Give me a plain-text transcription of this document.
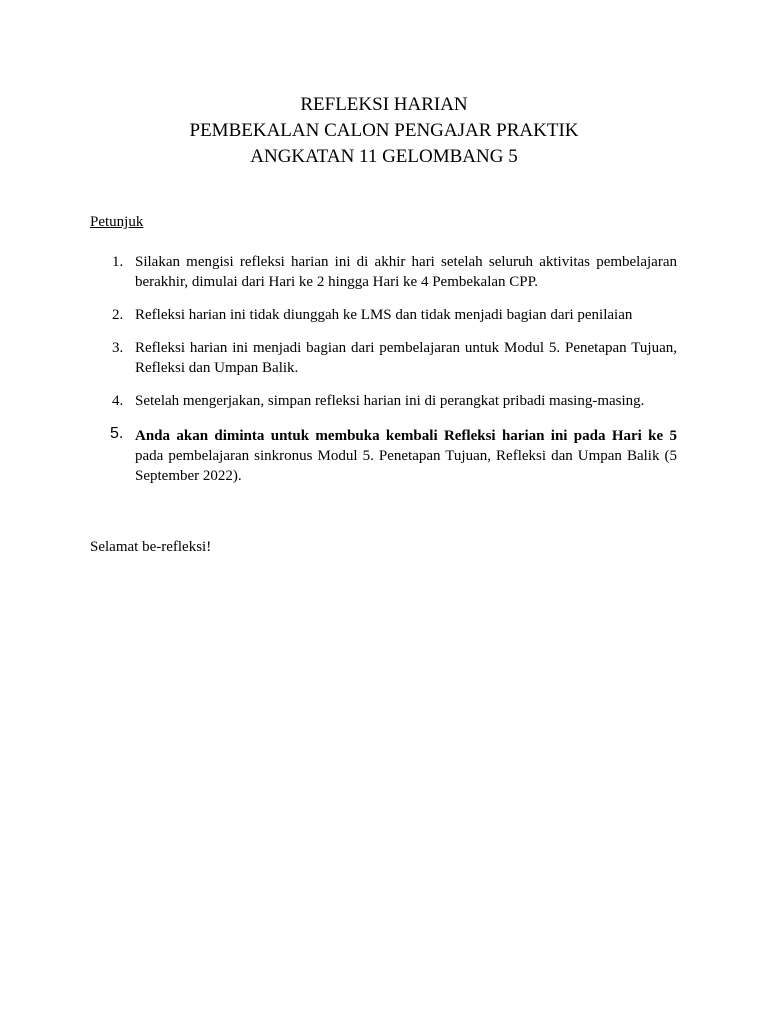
REFLEKSI HARIAN
PEMBEKALAN CALON PENGAJAR PRAKTIK
ANGKATAN 11 GELOMBANG 5
Petunjuk
1. Silakan mengisi refleksi harian ini di akhir hari setelah seluruh aktivitas pembelajaran berakhir, dimulai dari Hari ke 2 hingga Hari ke 4 Pembekalan CPP.
2. Refleksi harian ini tidak diunggah ke LMS dan tidak menjadi bagian dari penilaian
3. Refleksi harian ini menjadi bagian dari pembelajaran untuk Modul 5. Penetapan Tujuan, Refleksi dan Umpan Balik.
4. Setelah mengerjakan, simpan refleksi harian ini di perangkat pribadi masing-masing.
5. Anda akan diminta untuk membuka kembali Refleksi harian ini pada Hari ke 5 pada pembelajaran sinkronus Modul 5. Penetapan Tujuan, Refleksi dan Umpan Balik (5 September 2022).
Selamat be-refleksi!
